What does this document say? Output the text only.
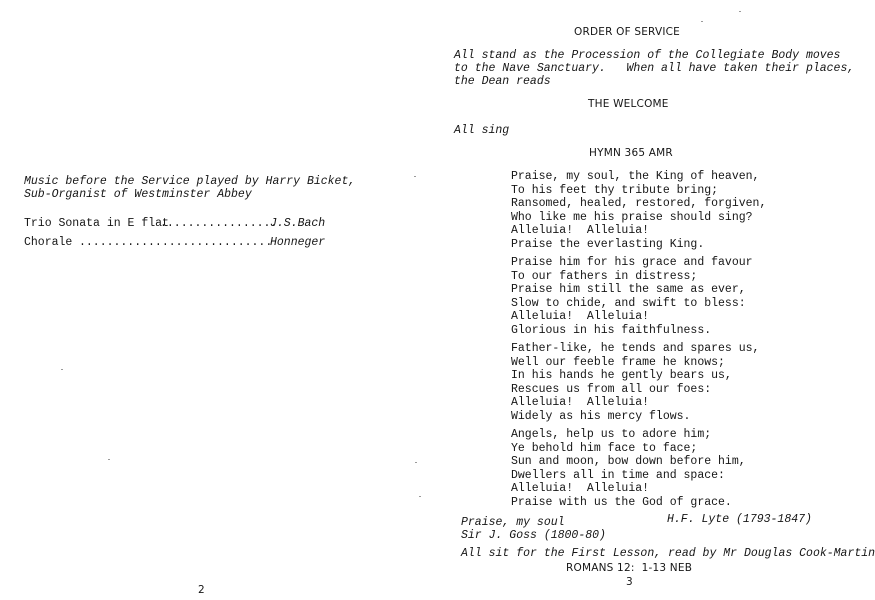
Music before the Service played by Harry Bicket,
Sub-Organist of Westminster Abbey
Trio Sonata in E flat
.................
J.S.Bach
Chorale ............................
Honneger
2
ORDER OF SERVICE
All stand as the Procession of the Collegiate Body moves
to the Nave Sanctuary.   When all have taken their places,
the Dean reads
THE WELCOME
All sing
HYMN 365 AMR
Praise, my soul, the King of heaven,
To his feet thy tribute bring;
Ransomed, healed, restored, forgiven,
Who like me his praise should sing?
Alleluia!  Alleluia!
Praise the everlasting King.
Praise him for his grace and favour
To our fathers in distress;
Praise him still the same as ever,
Slow to chide, and swift to bless:
Alleluia!  Alleluia!
Glorious in his faithfulness.
Father-like, he tends and spares us,
Well our feeble frame he knows;
In his hands he gently bears us,
Rescues us from all our foes:
Alleluia!  Alleluia!
Widely as his mercy flows.
Angels, help us to adore him;
Ye behold him face to face;
Sun and moon, bow down before him,
Dwellers all in time and space:
Alleluia!  Alleluia!
Praise with us the God of grace.
Praise, my soul	H.F. Lyte (1793-1847)
Sir J. Goss (1800-80)
All sit for the First Lesson, read by Mr Douglas Cook-Martin
ROMANS 12:  1-13 NEB
3
